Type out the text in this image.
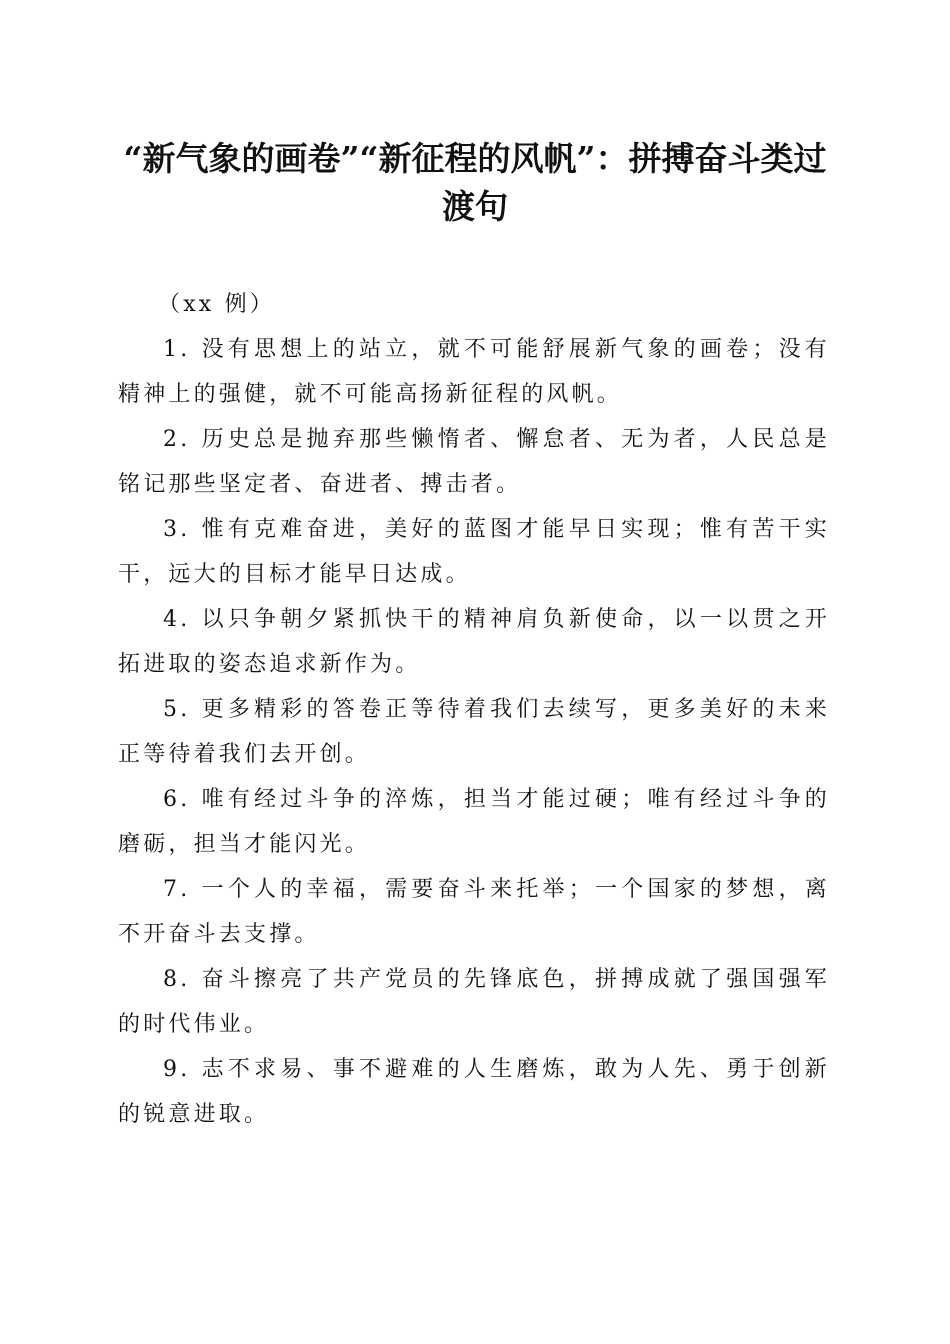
“新气象的画卷”“新征程的风帆”：拼搏奋斗类过渡句

（xx 例）

1. 没有思想上的站立，就不可能舒展新气象的画卷；没有精神上的强健，就不可能高扬新征程的风帆。

2. 历史总是抛弃那些懒惰者、懈怠者、无为者，人民总是铭记那些坚定者、奋进者、搏击者。

3. 惟有克难奋进，美好的蓝图才能早日实现；惟有苦干实干，远大的目标才能早日达成。

4. 以只争朝夕紧抓快干的精神肩负新使命，以一以贯之开拓进取的姿态追求新作为。

5. 更多精彩的答卷正等待着我们去续写，更多美好的未来正等待着我们去开创。

6. 唯有经过斗争的淬炼，担当才能过硬；唯有经过斗争的磨砺，担当才能闪光。

7. 一个人的幸福，需要奋斗来托举；一个国家的梦想，离不开奋斗去支撑。

8. 奋斗擦亮了共产党员的先锋底色，拼搏成就了强国强军的时代伟业。

9. 志不求易、事不避难的人生磨炼，敢为人先、勇于创新的锐意进取。
